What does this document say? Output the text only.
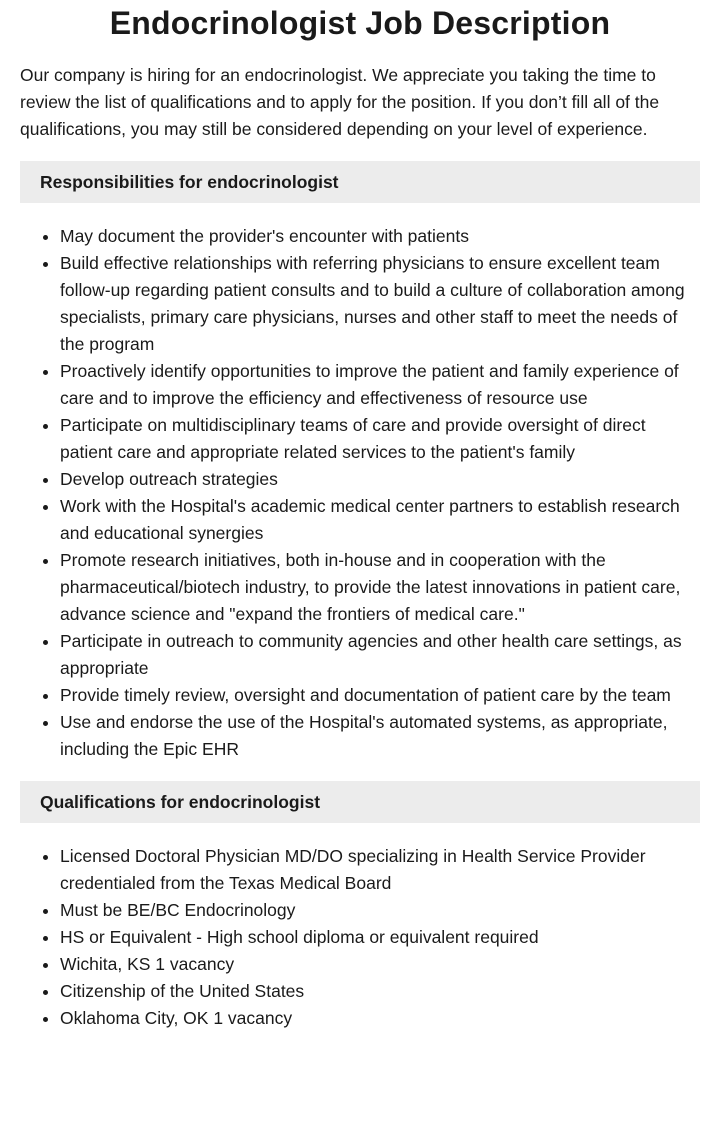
Endocrinologist Job Description

Our company is hiring for an endocrinologist. We appreciate you taking the time to review the list of qualifications and to apply for the position. If you don’t fill all of the qualifications, you may still be considered depending on your level of experience.

Responsibilities for endocrinologist
• May document the provider's encounter with patients
• Build effective relationships with referring physicians to ensure excellent team follow-up regarding patient consults and to build a culture of collaboration among specialists, primary care physicians, nurses and other staff to meet the needs of the program
• Proactively identify opportunities to improve the patient and family experience of care and to improve the efficiency and effectiveness of resource use
• Participate on multidisciplinary teams of care and provide oversight of direct patient care and appropriate related services to the patient's family
• Develop outreach strategies
• Work with the Hospital's academic medical center partners to establish research and educational synergies
• Promote research initiatives, both in-house and in cooperation with the pharmaceutical/biotech industry, to provide the latest innovations in patient care, advance science and "expand the frontiers of medical care."
• Participate in outreach to community agencies and other health care settings, as appropriate
• Provide timely review, oversight and documentation of patient care by the team
• Use and endorse the use of the Hospital's automated systems, as appropriate, including the Epic EHR
Qualifications for endocrinologist
• Licensed Doctoral Physician MD/DO specializing in Health Service Provider credentialed from the Texas Medical Board
• Must be BE/BC Endocrinology
• HS or Equivalent - High school diploma or equivalent required
• Wichita, KS 1 vacancy
• Citizenship of the United States
• Oklahoma City, OK 1 vacancy
